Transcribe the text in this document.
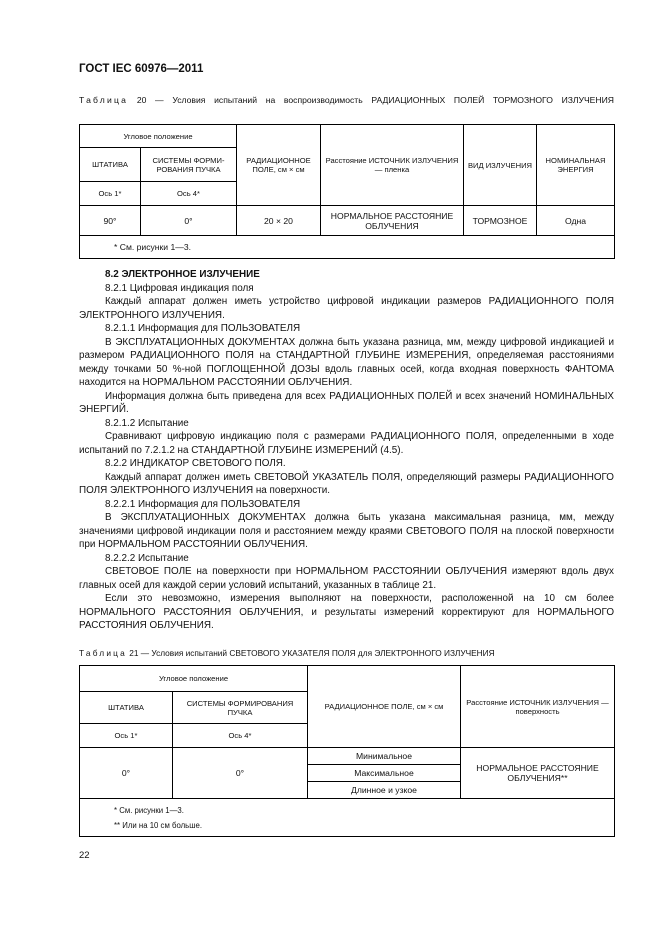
ГОСТ IEC 60976—2011
Таблица 20 — Условия испытаний на воспроизводимость РАДИАЦИОННЫХ ПОЛЕЙ ТОРМОЗНОГО ИЗЛУЧЕНИЯ
Угловое положение		РАДИАЦИОННОЕ ПОЛЕ, см × см	Расстояние ИСТОЧНИК ИЗЛУЧЕНИЯ — пленка	ВИД ИЗЛУЧЕНИЯ	НОМИНАЛЬНАЯ ЭНЕРГИЯ
ШТАТИВА	СИСТЕМЫ ФОРМИ-РОВАНИЯ ПУЧКА				
Ось 1*	Ось 4*				
90°	0°	20 × 20	НОРМАЛЬНОЕ РАССТОЯНИЕ ОБЛУЧЕНИЯ	ТОРМОЗНОЕ	Одна
* См. рисунки 1—3.					

8.2 ЭЛЕКТРОННОЕ ИЗЛУЧЕНИЕ

8.2.1 Цифровая индикация поля

Каждый аппарат должен иметь устройство цифровой индикации размеров РАДИАЦИОННОГО ПОЛЯ ЭЛЕКТРОННОГО ИЗЛУЧЕНИЯ.

8.2.1.1 Информация для ПОЛЬЗОВАТЕЛЯ

В ЭКСПЛУАТАЦИОННЫХ ДОКУМЕНТАХ должна быть указана разница, мм, между цифровой индикацией и размером РАДИАЦИОННОГО ПОЛЯ на СТАНДАРТНОЙ ГЛУБИНЕ ИЗМЕРЕНИЯ, определяемая расстояниями между точками 50 %-ной ПОГЛОЩЕННОЙ ДОЗЫ вдоль главных осей, когда входная поверхность ФАНТОМА находится на НОРМАЛЬНОМ РАССТОЯНИИ ОБЛУЧЕНИЯ.

Информация должна быть приведена для всех РАДИАЦИОННЫХ ПОЛЕЙ и всех значений НОМИНАЛЬНЫХ ЭНЕРГИЙ.

8.2.1.2 Испытание

Сравнивают цифровую индикацию поля с размерами РАДИАЦИОННОГО ПОЛЯ, определенными в ходе испытаний по 7.2.1.2 на СТАНДАРТНОЙ ГЛУБИНЕ ИЗМЕРЕНИЙ (4.5).

8.2.2 ИНДИКАТОР СВЕТОВОГО ПОЛЯ.

Каждый аппарат должен иметь СВЕТОВОЙ УКАЗАТЕЛЬ ПОЛЯ, определяющий размеры РАДИАЦИОННОГО ПОЛЯ ЭЛЕКТРОННОГО ИЗЛУЧЕНИЯ на поверхности.

8.2.2.1 Информация для ПОЛЬЗОВАТЕЛЯ

В ЭКСПЛУАТАЦИОННЫХ ДОКУМЕНТАХ должна быть указана максимальная разница, мм, между значениями цифровой индикации поля и расстоянием между краями СВЕТОВОГО ПОЛЯ на плоской поверхности при НОРМАЛЬНОМ РАССТОЯНИИ ОБЛУЧЕНИЯ.

8.2.2.2 Испытание

СВЕТОВОЕ ПОЛЕ на поверхности при НОРМАЛЬНОМ РАССТОЯНИИ ОБЛУЧЕНИЯ измеряют вдоль двух главных осей для каждой серии условий испытаний, указанных в таблице 21.

Если это невозможно, измерения выполняют на поверхности, расположенной на 10 см более НОРМАЛЬНОГО РАССТОЯНИЯ ОБЛУЧЕНИЯ, и результаты измерений корректируют для НОРМАЛЬНОГО РАССТОЯНИЯ ОБЛУЧЕНИЯ.

Таблица 21 — Условия испытаний СВЕТОВОГО УКАЗАТЕЛЯ ПОЛЯ для ЭЛЕКТРОННОГО ИЗЛУЧЕНИЯ
Угловое положение		РАДИАЦИОННОЕ ПОЛЕ, см × см	Расстояние ИСТОЧНИК ИЗЛУЧЕНИЯ — поверхность
ШТАТИВА	СИСТЕМЫ ФОРМИРОВАНИЯ ПУЧКА		
Ось 1*	Ось 4*		
0°	0°	Минимальное	НОРМАЛЬНОЕ РАССТОЯНИЕ ОБЛУЧЕНИЯ**
		Максимальное	
		Длинное и узкое	

* См. рисунки 1—3.
** Или на 10 см больше.			
22
